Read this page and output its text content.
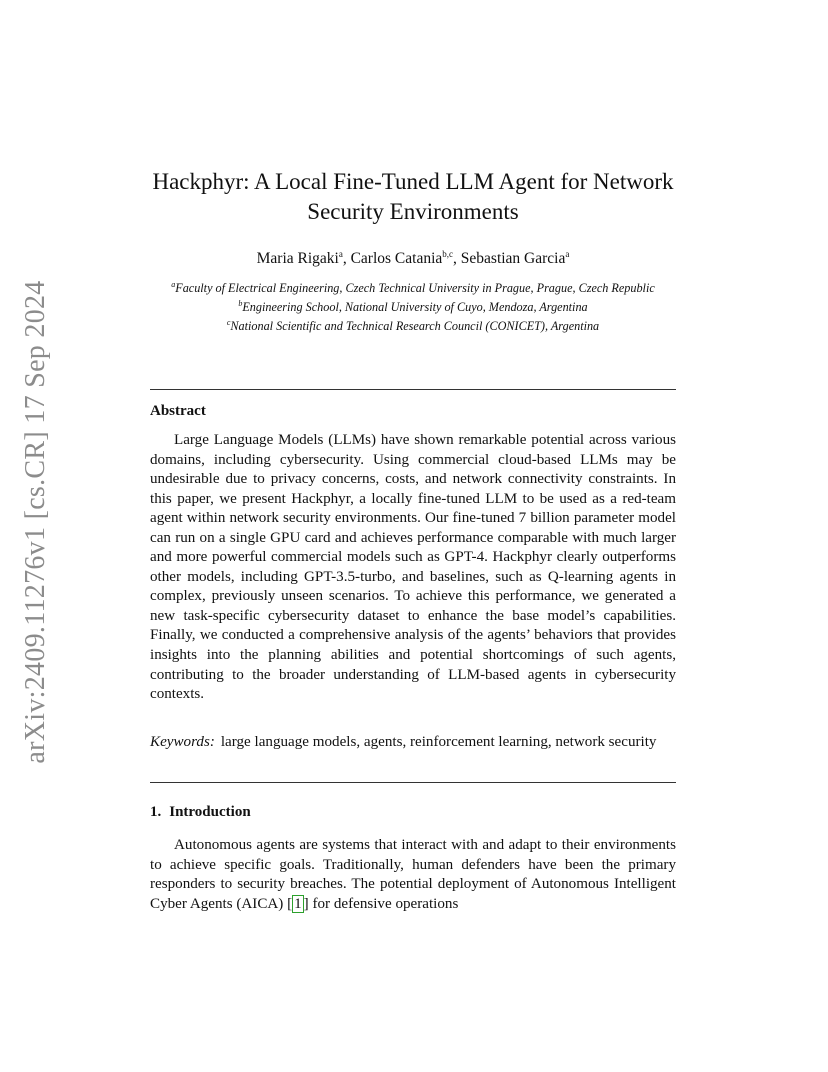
arXiv:2409.11276v1 [cs.CR] 17 Sep 2024
Hackphyr: A Local Fine-Tuned LLM Agent for Network
Security Environments
Maria Rigaki$^a$, Carlos Catania$^{b,c}$, Sebastian Garcia$^a$
$^a$Faculty of Electrical Engineering, Czech Technical University in Prague, Prague, Czech Republic
$^b$Engineering School, National University of Cuyo, Mendoza, Argentina
$^c$National Scientific and Technical Research Council (CONICET), Argentina
Abstract

Large Language Models (LLMs) have shown remarkable potential across various domains, including cybersecurity. Using commercial cloud-based LLMs may be undesirable due to privacy concerns, costs, and network connectivity constraints. In this paper, we present Hackphyr, a locally fine-tuned LLM to be used as a red-team agent within network security environments. Our fine-tuned 7 billion parameter model can run on a single GPU card and achieves performance comparable with much larger and more powerful commercial models such as GPT-4. Hackphyr clearly outperforms other models, including GPT-3.5-turbo, and baselines, such as Q-learning agents in complex, previously unseen scenarios. To achieve this performance, we generated a new task-specific cybersecurity dataset to enhance the base model’s capabilities. Finally, we conducted a comprehensive analysis of the agents’ behaviors that provides insights into the planning abilities and potential shortcomings of such agents, contributing to the broader understanding of LLM-based agents in cybersecurity contexts.

Keywords: large language models, agents, reinforcement learning, network security

1. Introduction

Autonomous agents are systems that interact with and adapt to their environments to achieve specific goals. Traditionally, human defenders have been the primary responders to security breaches. The potential deployment of Autonomous Intelligent Cyber Agents (AICA) [ 1 ] for defensive operations
